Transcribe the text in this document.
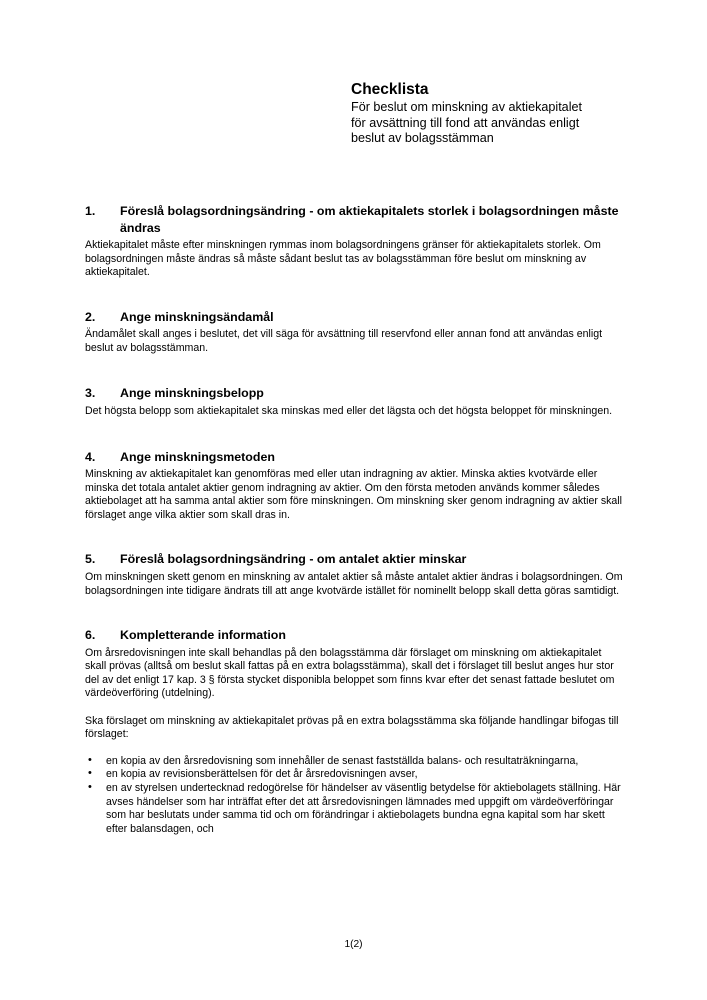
Checklista
För beslut om minskning av aktiekapitalet
för avsättning till fond att användas enligt
beslut av bolagsstämman
1.	Föreslå bolagsordningsändring - om aktiekapitalets storlek i bolagsordningen måste ändras

Aktiekapitalet måste efter minskningen rymmas inom bolagsordningens gränser för aktiekapitalets storlek. Om bolagsordningen måste ändras så måste sådant beslut tas av bolagsstämman före beslut om minskning av aktiekapitalet.

2.	Ange minskningsändamål

Ändamålet skall anges i beslutet, det vill säga för avsättning till reservfond eller annan fond att användas enligt beslut av bolagsstämman.

3.	Ange minskningsbelopp

Det högsta belopp som aktiekapitalet ska minskas med eller det lägsta och det högsta beloppet för minskningen.

4.	Ange minskningsmetoden

Minskning av aktiekapitalet kan genomföras med eller utan indragning av aktier. Minska akties kvotvärde eller minska det totala antalet aktier genom indragning av aktier. Om den första metoden används kommer således aktiebolaget att ha samma antal aktier som före minskningen. Om minskning sker genom indragning av aktier skall förslaget ange vilka aktier som skall dras in.

5.	Föreslå bolagsordningsändring - om antalet aktier minskar

Om minskningen skett genom en minskning av antalet aktier så måste antalet aktier ändras i bolagsordningen. Om bolagsordningen inte tidigare ändrats till att ange kvotvärde istället för nominellt belopp skall detta göras samtidigt.

6.	Kompletterande information

Om årsredovisningen inte skall behandlas på den bolagsstämma där förslaget om minskning om aktiekapitalet skall prövas (alltså om beslut skall fattas på en extra bolagsstämma), skall det i förslaget till beslut anges hur stor del av det enligt 17 kap. 3 § första stycket disponibla beloppet som finns kvar efter det senast fattade beslutet om värdeöverföring (utdelning).

Ska förslaget om minskning av aktiekapitalet prövas på en extra bolagsstämma ska följande handlingar bifogas till förslaget:

• en kopia av den årsredovisning som innehåller de senast fastställda balans- och resultaträkningarna,
• en kopia av revisionsberättelsen för det år årsredovisningen avser,
• en av styrelsen undertecknad redogörelse för händelser av väsentlig betydelse för aktiebolagets ställning. Här avses händelser som har inträffat efter det att årsredovisningen lämnades med uppgift om värdeöverföringar som har beslutats under samma tid och om förändringar i aktiebolagets bundna egna kapital som har skett efter balansdagen, och
1(2)
